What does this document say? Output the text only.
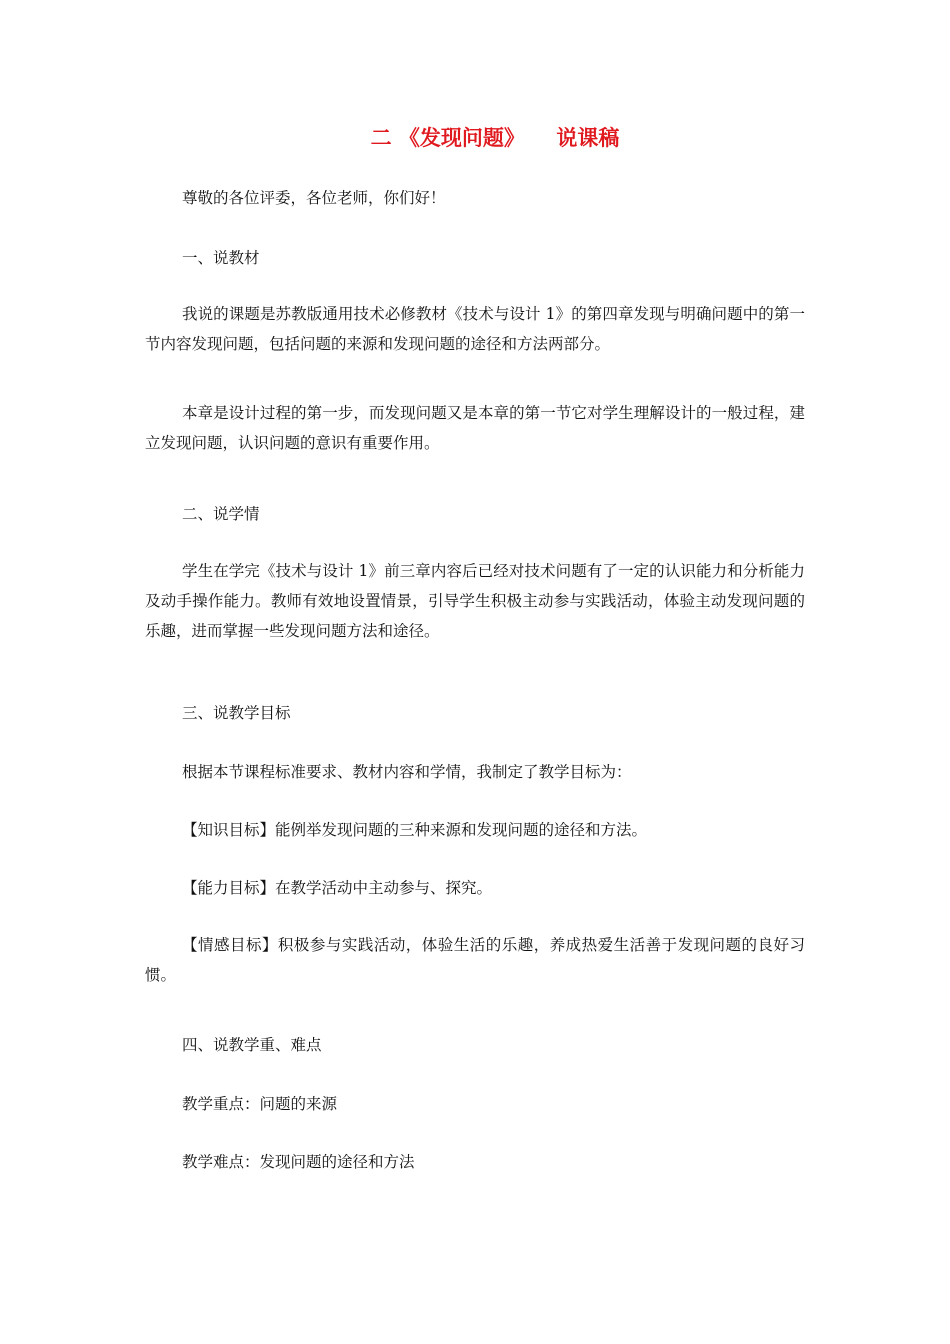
二 《发现问题》　　说课稿

尊敬的各位评委，各位老师，你们好！

一、说教材

我说的课题是苏教版通用技术必修教材《技术与设计 1》的第四章发现与明确问题中的第一节内容发现问题，包括问题的来源和发现问题的途径和方法两部分。

本章是设计过程的第一步，而发现问题又是本章的第一节它对学生理解设计的一般过程，建立发现问题，认识问题的意识有重要作用。

二、说学情

学生在学完《技术与设计 1》前三章内容后已经对技术问题有了一定的认识能力和分析能力及动手操作能力。教师有效地设置情景，引导学生积极主动参与实践活动，体验主动发现问题的乐趣，进而掌握一些发现问题方法和途径。

三、说教学目标

根据本节课程标准要求、教材内容和学情，我制定了教学目标为：

【知识目标】能例举发现问题的三种来源和发现问题的途径和方法。

【能力目标】在教学活动中主动参与、探究。

【情感目标】积极参与实践活动，体验生活的乐趣，养成热爱生活善于发现问题的良好习惯。

四、说教学重、难点

教学重点：问题的来源

教学难点：发现问题的途径和方法
